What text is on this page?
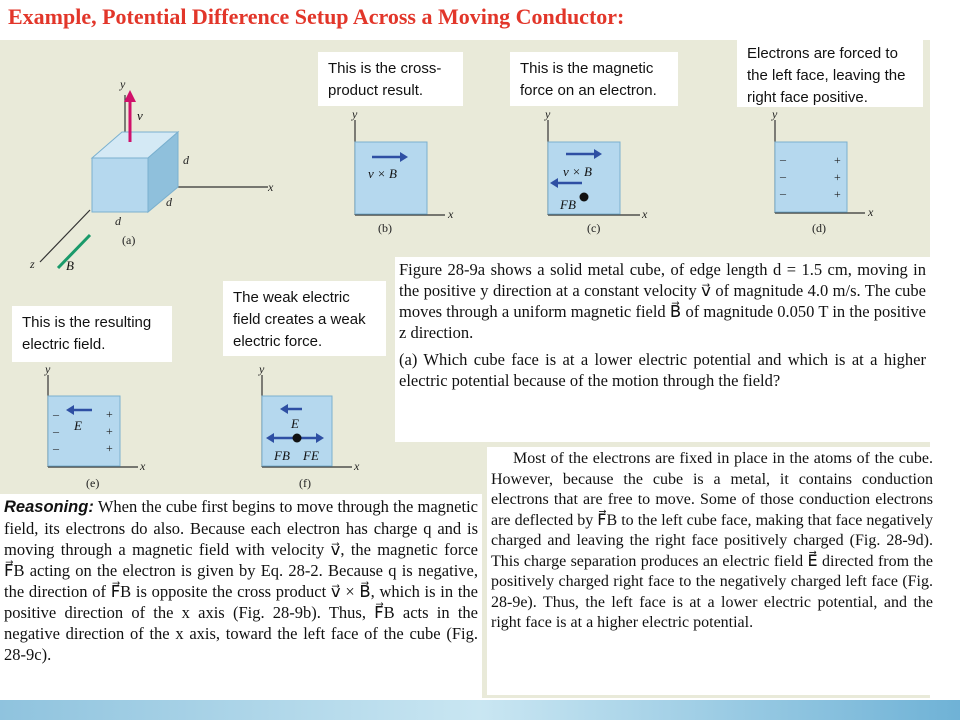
Example, Potential Difference Setup Across a Moving Conductor:
y
x
z
d
d
d
v
B
(a)
y
x
v × B
(b)
y
x
v × B
FB
(c)
y
x
–
–
–
+
+
+
(d)
y
x
–
–
–
+
+
+
E
(e)
y
x
E
FB FE
(f)
This is the cross-product result.
This is the magnetic force on an electron.
Electrons are forced to the left face, leaving the right face positive.
This is the resulting electric field.
The weak electric field creates a weak electric force.
Figure 28-9a shows a solid metal cube, of edge length d = 1.5 cm, moving in the positive y direction at a constant velocity v⃗ of magnitude 4.0 m/s. The cube moves through a uniform magnetic field B⃗ of magnitude 0.050 T in the positive z direction.
(a) Which cube face is at a lower electric potential and which is at a higher electric potential because of the motion through the field?
Reasoning: When the cube first begins to move through the magnetic field, its electrons do also. Because each electron has charge q and is moving through a magnetic field with velocity v⃗, the magnetic force F⃗B acting on the electron is given by Eq. 28-2. Because q is negative, the direction of F⃗B is opposite the cross product v⃗ × B⃗, which is in the positive direction of the x axis (Fig. 28-9b). Thus, F⃗B acts in the negative direction of the x axis, toward the left face of the cube (Fig. 28-9c).
Most of the electrons are fixed in place in the atoms of the cube. However, because the cube is a metal, it contains conduction electrons that are free to move. Some of those conduction electrons are deflected by F⃗B to the left cube face, making that face negatively charged and leaving the right face positively charged (Fig. 28-9d). This charge separation produces an electric field E⃗ directed from the positively charged right face to the negatively charged left face (Fig. 28-9e). Thus, the left face is at a lower electric potential, and the right face is at a higher electric potential.
